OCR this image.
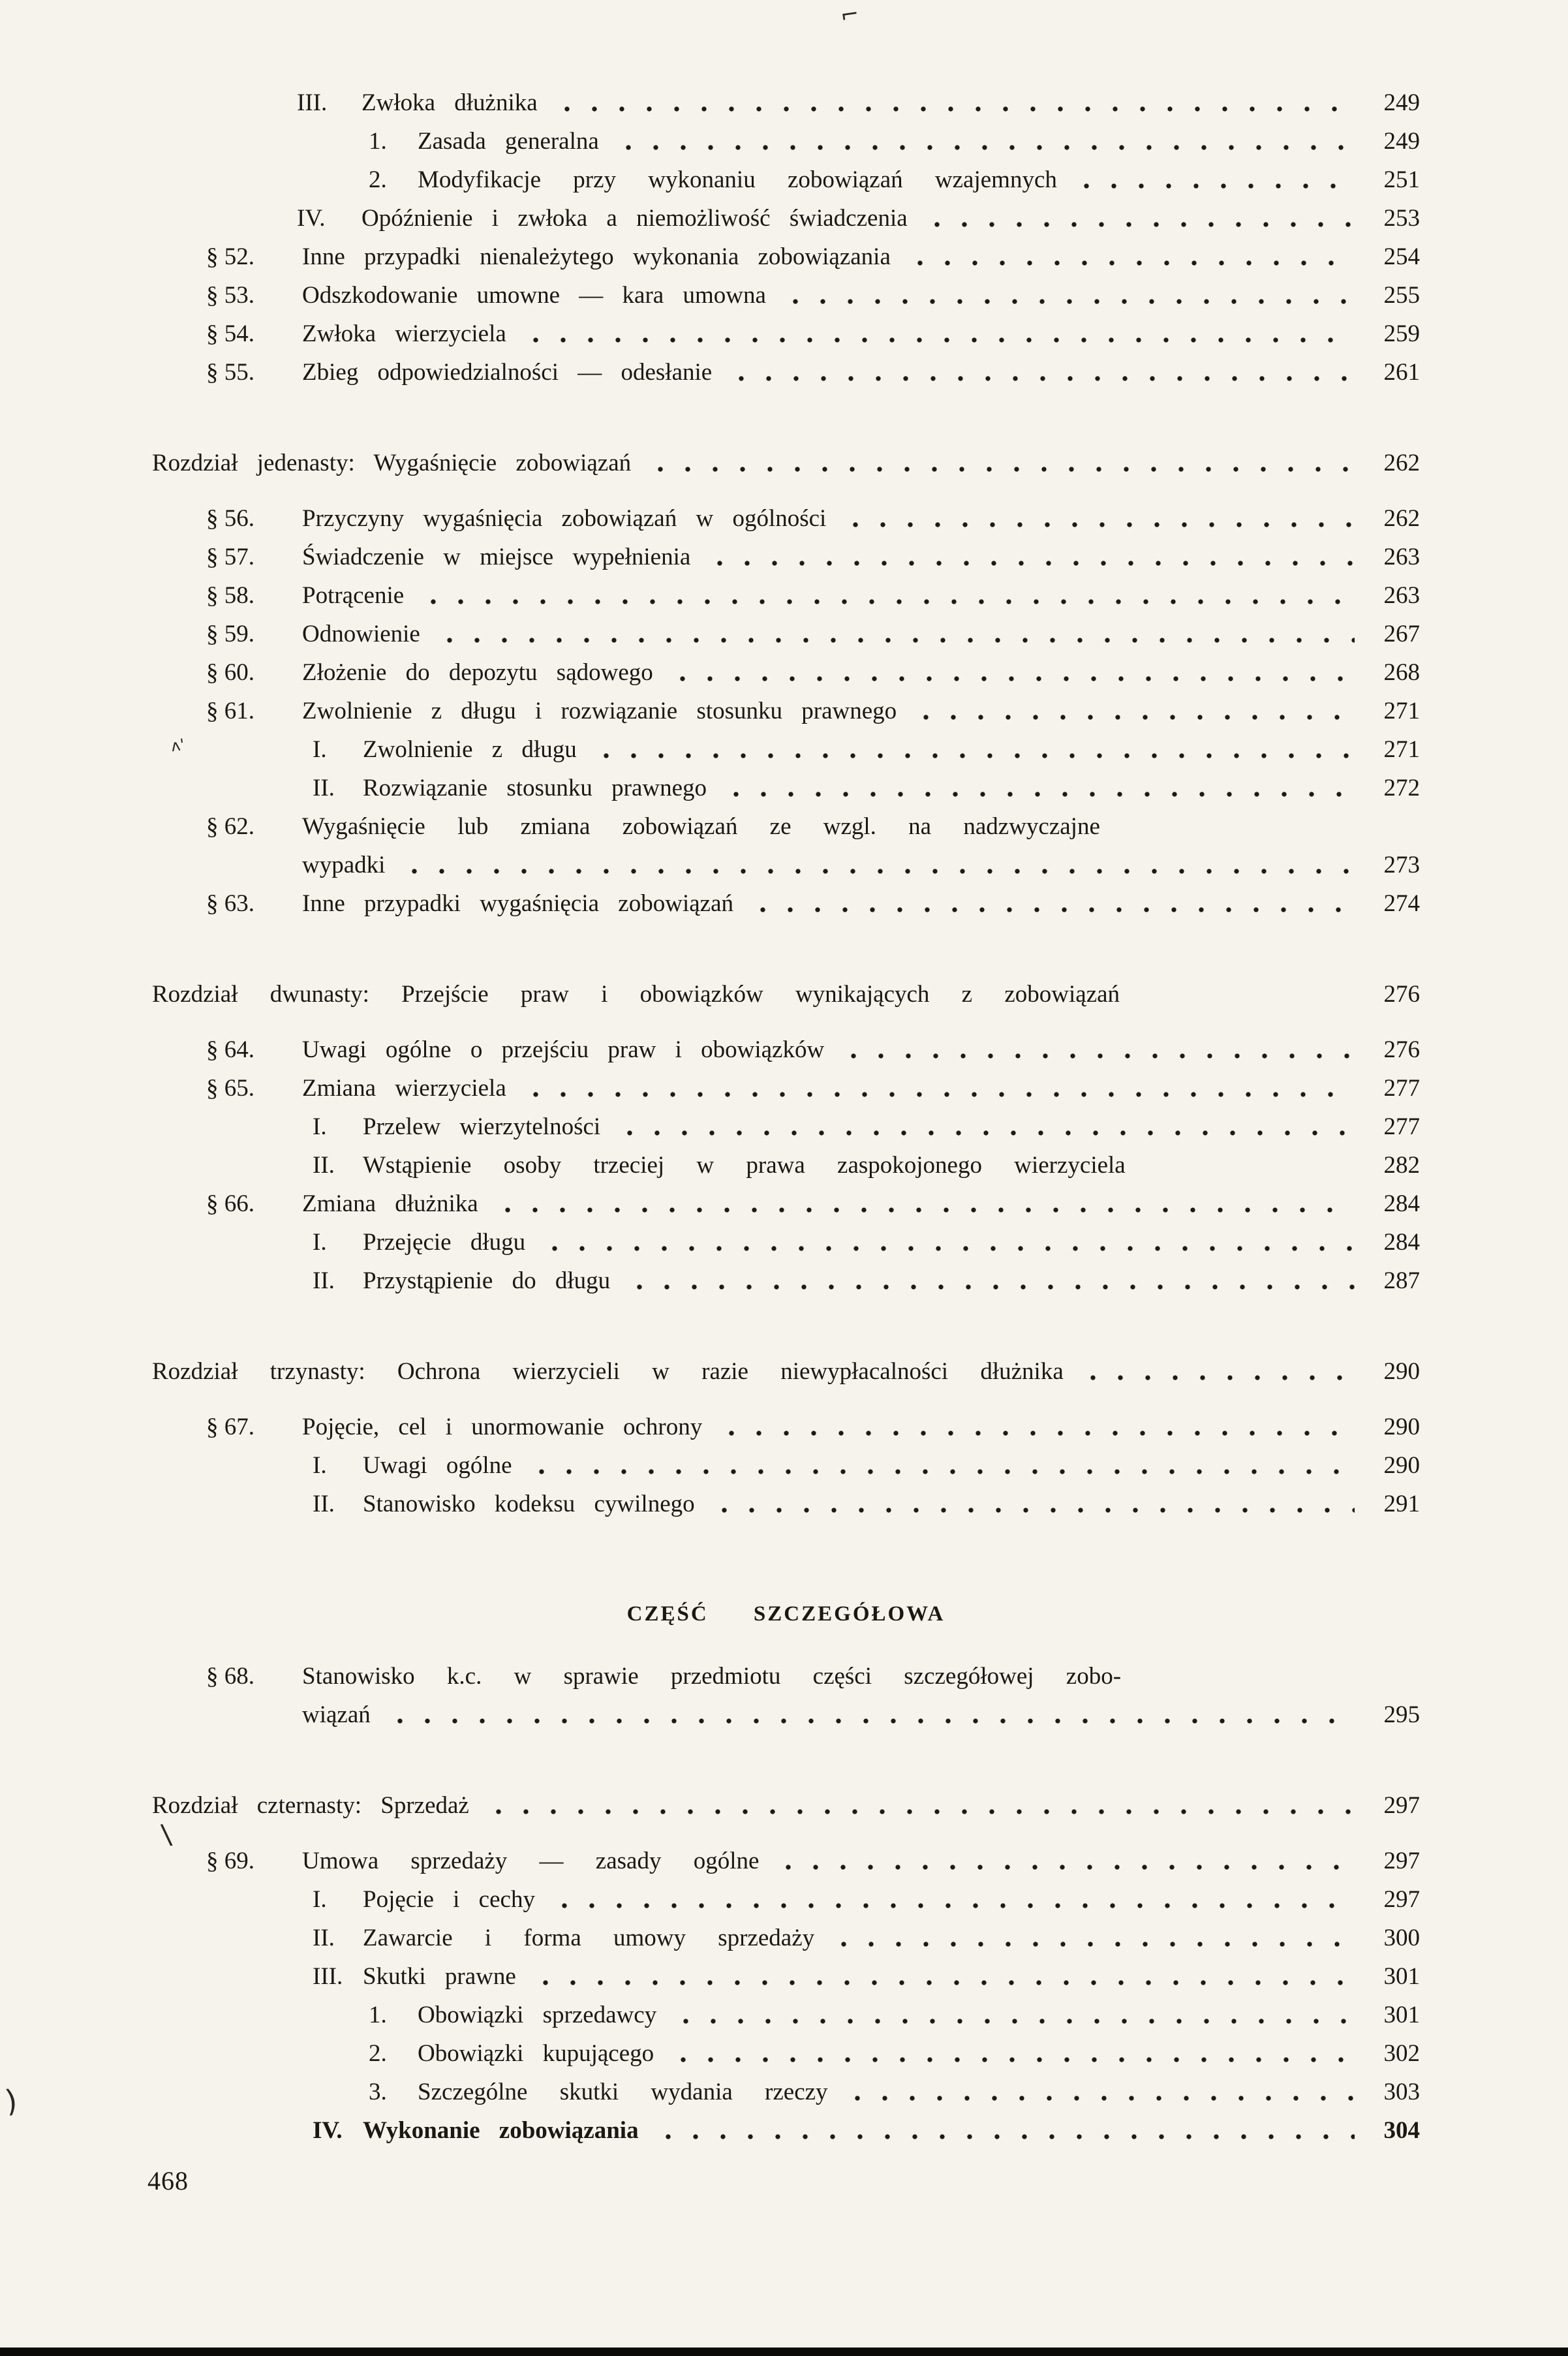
III.	Zwłoka dłużnika	249
1.	Zasada generalna	249
2.	Modyfikacje przy wykonaniu zobowiązań wzajemnych	251
IV.	Opóźnienie i zwłoka a niemożliwość świadczenia	253
§ 52.	Inne przypadki nienależytego wykonania zobowiązania	254
§ 53.	Odszkodowanie umowne — kara umowna	255
§ 54.	Zwłoka wierzyciela	259
§ 55.	Zbieg odpowiedzialności — odesłanie	261
Rozdział jedenasty: Wygaśnięcie zobowiązań	262
§ 56.	Przyczyny wygaśnięcia zobowiązań w ogólności	262
§ 57.	Świadczenie w miejsce wypełnienia	263
§ 58.	Potrącenie	263
§ 59.	Odnowienie	267
§ 60.	Złożenie do depozytu sądowego	268
§ 61.	Zwolnienie z długu i rozwiązanie stosunku prawnego	271
I.	Zwolnienie z długu	271
II.	Rozwiązanie stosunku prawnego	272
§ 62.	Wygaśnięcie lub zmiana zobowiązań ze wzgl. na nadzwyczajne
wypadki	273
§ 63.	Inne przypadki wygaśnięcia zobowiązań	274
Rozdział dwunasty: Przejście praw i obowiązków wynikających z zobowiązań	276
§ 64.	Uwagi ogólne o przejściu praw i obowiązków	276
§ 65.	Zmiana wierzyciela	277
I.	Przelew wierzytelności	277
II.	Wstąpienie osoby trzeciej w prawa zaspokojonego wierzyciela	282
§ 66.	Zmiana dłużnika	284
I.	Przejęcie długu	284
II.	Przystąpienie do długu	287
Rozdział trzynasty: Ochrona wierzycieli w razie niewypłacalności dłużnika	290
§ 67.	Pojęcie, cel i unormowanie ochrony	290
I.	Uwagi ogólne	290
II.	Stanowisko kodeksu cywilnego	291
CZĘŚĆ SZCZEGÓŁOWA
§ 68.	Stanowisko k.c. w sprawie przedmiotu części szczegółowej zobo-
wiązań	295
Rozdział czternasty: Sprzedaż	297
§ 69.	Umowa sprzedaży — zasady ogólne	297
I.	Pojęcie i cechy	297
II.	Zawarcie i forma umowy sprzedaży	300
III. Skutki prawne	301
1.	Obowiązki sprzedawcy	301
2.	Obowiązki kupującego	302
3.	Szczególne skutki wydania rzeczy	303
IV. Wykonanie zobowiązania	304
468
⌐
ʌ'
\
)
